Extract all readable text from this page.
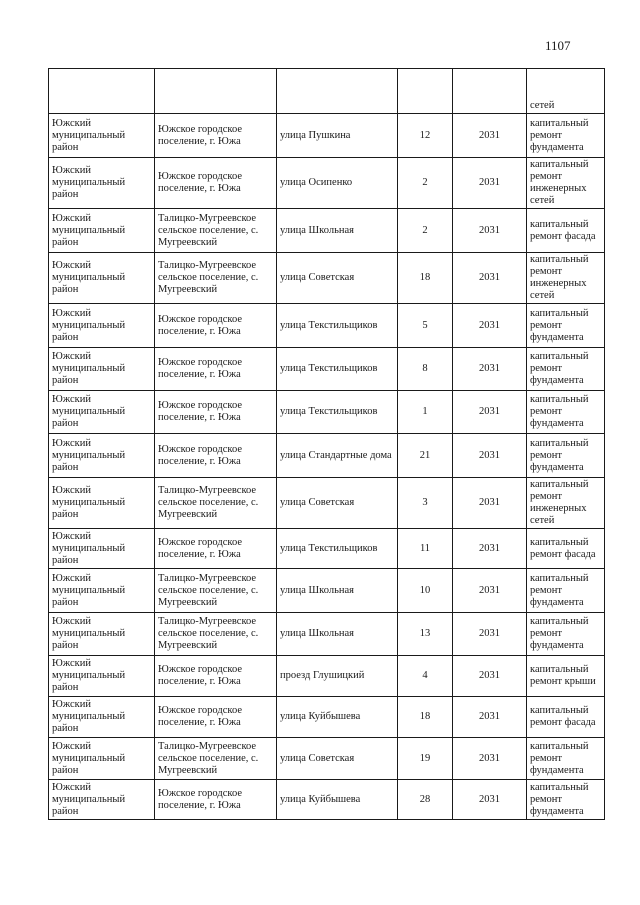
1107
					сетей
Южский муниципальный район	Южское городское поселение, г. Южа	улица Пушкина	12	2031	капитальный ремонт фундамента
Южский муниципальный район	Южское городское поселение, г. Южа	улица Осипенко	2	2031	капитальный ремонт инженерных сетей
Южский муниципальный район	Талицко-Мугреевское сельское поселение, с. Мугреевский	улица Школьная	2	2031	капитальный ремонт фасада
Южский муниципальный район	Талицко-Мугреевское сельское поселение, с. Мугреевский	улица Советская	18	2031	капитальный ремонт инженерных сетей
Южский муниципальный район	Южское городское поселение, г. Южа	улица Текстильщиков	5	2031	капитальный ремонт фундамента
Южский муниципальный район	Южское городское поселение, г. Южа	улица Текстильщиков	8	2031	капитальный ремонт фундамента
Южский муниципальный район	Южское городское поселение, г. Южа	улица Текстильщиков	1	2031	капитальный ремонт фундамента
Южский муниципальный район	Южское городское поселение, г. Южа	улица Стандартные дома	21	2031	капитальный ремонт фундамента
Южский муниципальный район	Талицко-Мугреевское сельское поселение, с. Мугреевский	улица Советская	3	2031	капитальный ремонт инженерных сетей
Южский муниципальный район	Южское городское поселение, г. Южа	улица Текстильщиков	11	2031	капитальный ремонт фасада
Южский муниципальный район	Талицко-Мугреевское сельское поселение, с. Мугреевский	улица Школьная	10	2031	капитальный ремонт фундамента
Южский муниципальный район	Талицко-Мугреевское сельское поселение, с. Мугреевский	улица Школьная	13	2031	капитальный ремонт фундамента
Южский муниципальный район	Южское городское поселение, г. Южа	проезд Глушицкий	4	2031	капитальный ремонт крыши
Южский муниципальный район	Южское городское поселение, г. Южа	улица Куйбышева	18	2031	капитальный ремонт фасада
Южский муниципальный район	Талицко-Мугреевское сельское поселение, с. Мугреевский	улица Советская	19	2031	капитальный ремонт фундамента
Южский муниципальный район	Южское городское поселение, г. Южа	улица Куйбышева	28	2031	капитальный ремонт фундамента
